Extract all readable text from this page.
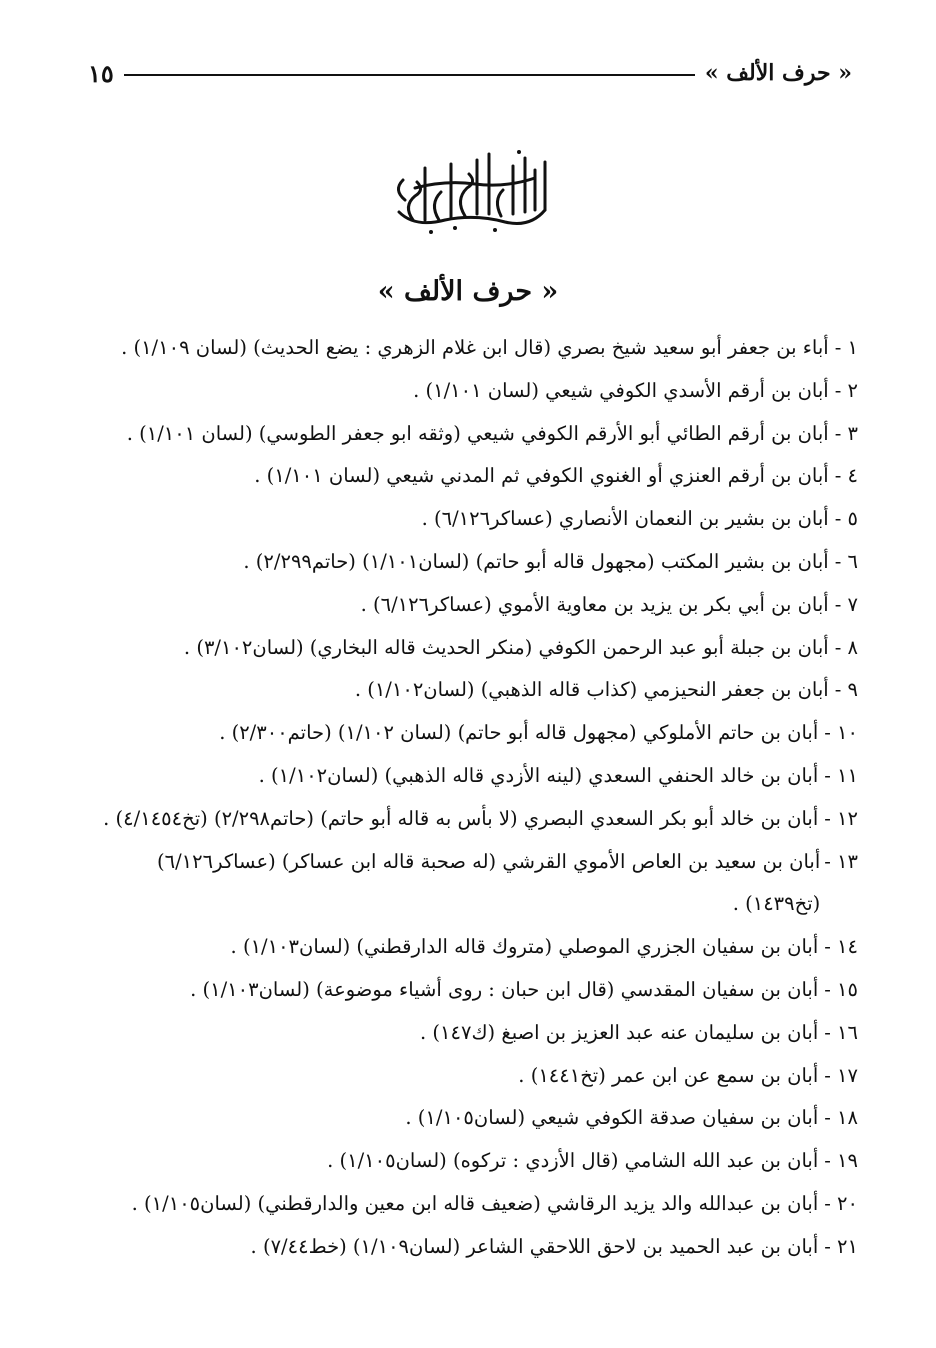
« حرف الألف »
١٥
« حرف الألف »
١ -
أباء بن جعفر أبو سعيد شيخ بصري (قال ابن غلام الزهري : يضع الحديث) (لسان ١/١٠٩) .
٢ -
أبان بن أرقم الأسدي الكوفي شيعي (لسان ١/١٠١) .
٣ -
أبان بن أرقم الطائي أبو الأرقم الكوفي شيعي (وثقه ابو جعفر الطوسي) (لسان ١/١٠١) .
٤ -
أبان بن أرقم العنزي أو الغنوي الكوفي ثم المدني شيعي (لسان ١/١٠١) .
٥ -
أبان بن بشير بن النعمان الأنصاري (عساكر٦/١٢٦) .
٦ -
أبان بن بشير المكتب (مجهول قاله أبو حاتم) (لسان١/١٠١) (حاتم٢/٢٩٩) .
٧ -
أبان بن أبي بكر بن يزيد بن معاوية الأموي (عساكر٦/١٢٦) .
٨ -
أبان بن جبلة أبو عبد الرحمن الكوفي (منكر الحديث قاله البخاري) (لسان٣/١٠٢) .
٩ -
أبان بن جعفر النحيزمي (كذاب قاله الذهبي) (لسان١/١٠٢) .
١٠ -
أبان بن حاتم الأملوكي (مجهول قاله أبو حاتم) (لسان ١/١٠٢) (حاتم٢/٣٠٠) .
١١ -
أبان بن خالد الحنفي السعدي (لينه الأزدي قاله الذهبي) (لسان١/١٠٢) .
١٢ -
أبان بن خالد أبو بكر السعدي البصري (لا بأس به قاله أبو حاتم) (حاتم٢/٢٩٨) (تخ٤/١٤٥٤) .
١٣ -
أبان بن سعيد بن العاص الأموي القرشي (له صحبة قاله ابن عساكر) (عساكر٦/١٢٦) (تخ١٤٣٩) .
١٤ -
أبان بن سفيان الجزري الموصلي (متروك قاله الدارقطني) (لسان١/١٠٣) .
١٥ -
أبان بن سفيان المقدسي (قال ابن حبان : روى أشياء موضوعة) (لسان١/١٠٣) .
١٦ -
أبان بن سليمان عنه عبد العزيز بن اصبغ (ك١٤٧) .
١٧ -
أبان بن سمع عن ابن عمر (تخ١٤٤١) .
١٨ -
أبان بن سفيان صدقة الكوفي شيعي (لسان١/١٠٥) .
١٩ -
أبان بن عبد الله الشامي (قال الأزدي : تركوه) (لسان١/١٠٥) .
٢٠ -
أبان بن عبدالله والد يزيد الرقاشي (ضعيف قاله ابن معين والدارقطني) (لسان١/١٠٥) .
٢١ -
أبان بن عبد الحميد بن لاحق اللاحقي الشاعر (لسان١/١٠٩) (خط٧/٤٤) .
